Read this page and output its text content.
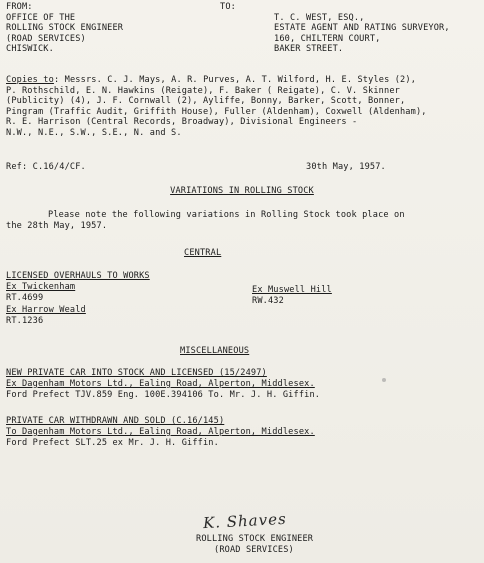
FROM:
OFFICE OF THE
ROLLING STOCK ENGINEER
(ROAD SERVICES)
CHISWICK.
TO:
T. C. WEST, ESQ.,
ESTATE AGENT AND RATING SURVEYOR,
160, CHILTERN COURT,
BAKER STREET.
Copies to : Messrs. C. J. Mays, A. R. Purves, A. T. Wilford, H. E. Styles (2),
P. Rothschild, E. N. Hawkins (Reigate), F. Baker ( Reigate), C. V. Skinner
(Publicity) (4), J. F. Cornwall (2), Ayliffe, Bonny, Barker, Scott, Bonner,
Pingram (Traffic Audit, Griffith House), Fuller (Aldenham), Coxwell (Aldenham),
R. E. Harrison (Central Records, Broadway), Divisional Engineers -
N.W., N.E., S.W., S.E., N. and S.
Ref: C.16/4/CF.	30th May, 1957.
VARIATIONS IN ROLLING STOCK
Please note the following variations in Rolling Stock took place on
the 28th May, 1957.
CENTRAL
LICENSED OVERHAULS TO WORKS
Ex Twickenham
RT.4699
Ex Harrow Weald
RT.1236
Ex Muswell Hill
RW.432
MISCELLANEOUS
NEW PRIVATE CAR INTO STOCK AND LICENSED (15/2497)
Ex Dagenham Motors Ltd., Ealing Road, Alperton, Middlesex.
Ford Prefect TJV.859 Eng. 100E.394106 To. Mr. J. H. Giffin.
PRIVATE CAR WITHDRAWN AND SOLD (C.16/145)
To Dagenham Motors Ltd., Ealing Road, Alperton, Middlesex.
Ford Prefect SLT.25 ex Mr. J. H. Giffin.
K. Shaves
ROLLING STOCK ENGINEER
(ROAD SERVICES)
